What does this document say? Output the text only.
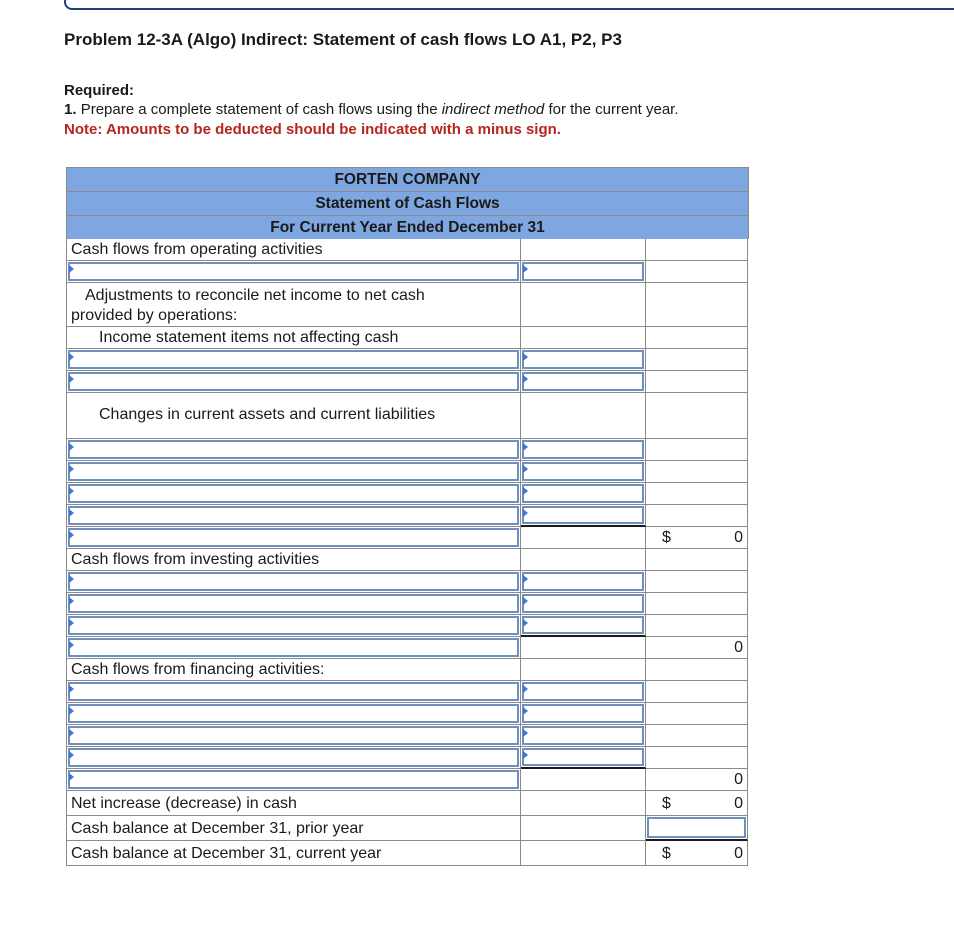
Problem 12-3A (Algo) Indirect: Statement of cash flows LO A1, P2, P3
Required:
1. Prepare a complete statement of cash flows using the indirect method for the current year.
Note: Amounts to be deducted should be indicated with a minus sign.
FORTEN COMPANY
Statement of Cash Flows
For Current Year Ended December 31
Cash flows from operating activities
Adjustments to reconcile net income to net cash
provided by operations:
Income statement items not affecting cash
Changes in current assets and current liabilities
$	0
Cash flows from investing activities
0
Cash flows from financing activities:
0
Net increase (decrease) in cash	$	0
Cash balance at December 31, prior year
Cash balance at December 31, current year	$	0
